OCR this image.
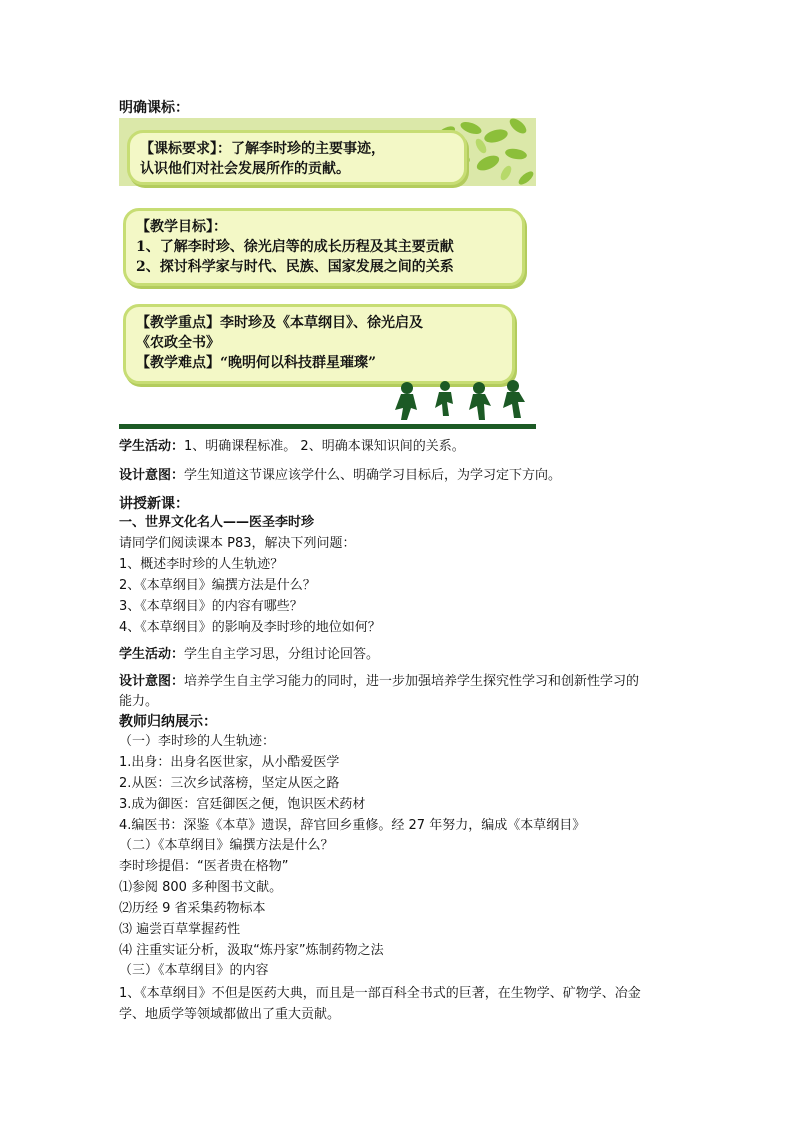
明确课标：
【课标要求】：了解李时珍的主要事迹，
认识他们对社会发展所作的贡献。
【教学目标】：
1、了解李时珍、徐光启等的成长历程及其主要贡献
2、探讨科学家与时代、民族、国家发展之间的关系
【教学重点】李时珍及《本草纲目》、徐光启及
《农政全书》
【教学难点】“晚明何以科技群星璀璨”
学生活动：1、明确课程标准。 2、明确本课知识间的关系。
设计意图：学生知道这节课应该学什么、明确学习目标后，为学习定下方向。
讲授新课：
一、世界文化名人——医圣李时珍
请同学们阅读课本 P83，解决下列问题：
1、概述李时珍的人生轨迹？
2、《本草纲目》编撰方法是什么？
3、《本草纲目》的内容有哪些？
4、《本草纲目》的影响及李时珍的地位如何？
学生活动：学生自主学习思，分组讨论回答。
设计意图：培养学生自主学习能力的同时，进一步加强培养学生探究性学习和创新性学习的
能力。
教师归纳展示：
（一）李时珍的人生轨迹：
1.出身：出身名医世家，从小酷爱医学
2.从医：三次乡试落榜，坚定从医之路
3.成为御医：宫廷御医之便，饱识医术药材
4.编医书：深鉴《本草》遗误，辞官回乡重修。经 27 年努力，编成《本草纲目》
（二）《本草纲目》编撰方法是什么？
李时珍提倡：“医者贵在格物”
⑴参阅 800 多种图书文献。
⑵历经 9 省采集药物标本
⑶ 遍尝百草掌握药性
⑷ 注重实证分析，汲取“炼丹家”炼制药物之法
（三）《本草纲目》的内容
1、《本草纲目》不但是医药大典，而且是一部百科全书式的巨著，在生物学、矿物学、冶金
学、地质学等领域都做出了重大贡献。
